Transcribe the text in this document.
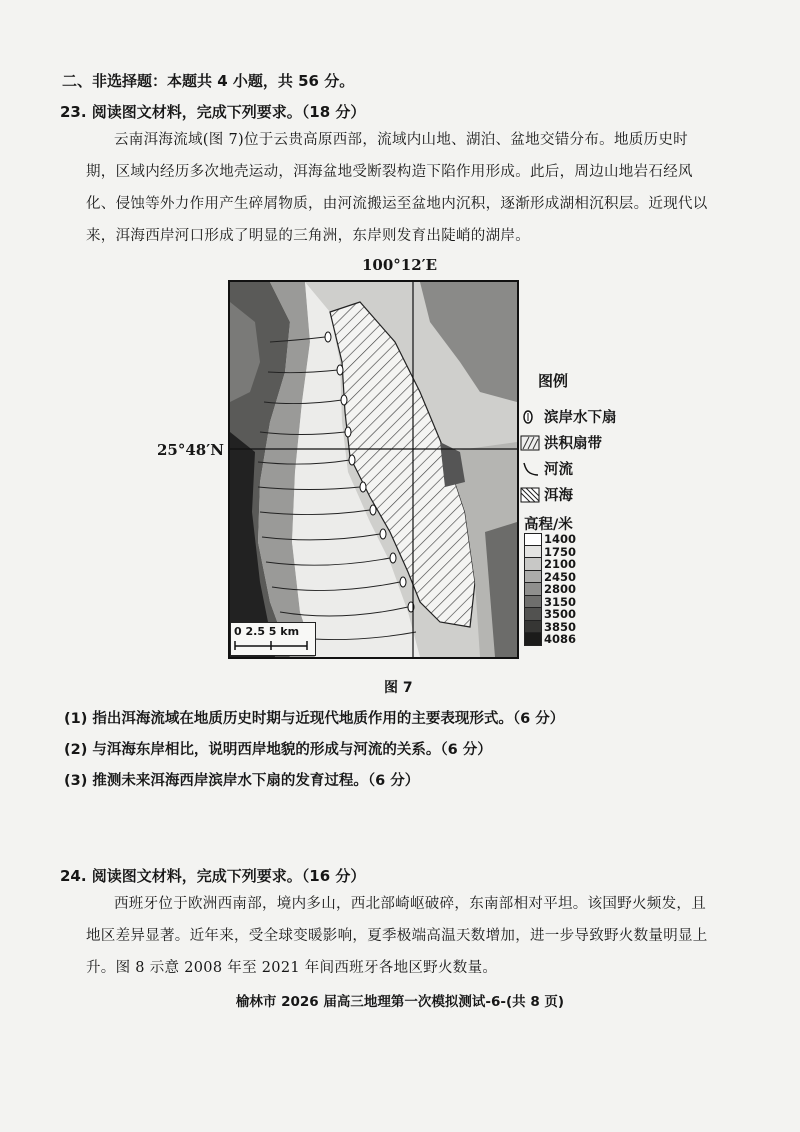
二、非选择题：本题共 4 小题，共 56 分。
23. 阅读图文材料，完成下列要求。（18 分）

云南洱海流域(图 7)位于云贵高原西部，流域内山地、湖泊、盆地交错分布。地质历史时

期，区域内经历多次地壳运动，洱海盆地受断裂构造下陷作用形成。此后，周边山地岩石经风

化、侵蚀等外力作用产生碎屑物质，由河流搬运至盆地内沉积，逐渐形成湖相沉积层。近现代以

来，洱海西岸河口形成了明显的三角洲，东岸则发育出陡峭的湖岸。

100°12′E
25°48′N
0 2.5 5 km
图例
滨岸水下扇
洪积扇带
河流
洱海
高程/米
1400
1750
2100
2450
2800
3150
3500
3850
4086
图 7
(1) 指出洱海流域在地质历史时期与近现代地质作用的主要表现形式。（6 分）
(2) 与洱海东岸相比，说明西岸地貌的形成与河流的关系。（6 分）
(3) 推测未来洱海西岸滨岸水下扇的发育过程。（6 分）
24. 阅读图文材料，完成下列要求。（16 分）

西班牙位于欧洲西南部，境内多山，西北部崎岖破碎，东南部相对平坦。该国野火频发，且

地区差异显著。近年来，受全球变暖影响，夏季极端高温天数增加，进一步导致野火数量明显上

升。图 8 示意 2008 年至 2021 年间西班牙各地区野火数量。

榆林市 2026 届高三地理第一次模拟测试-6-(共 8 页)
